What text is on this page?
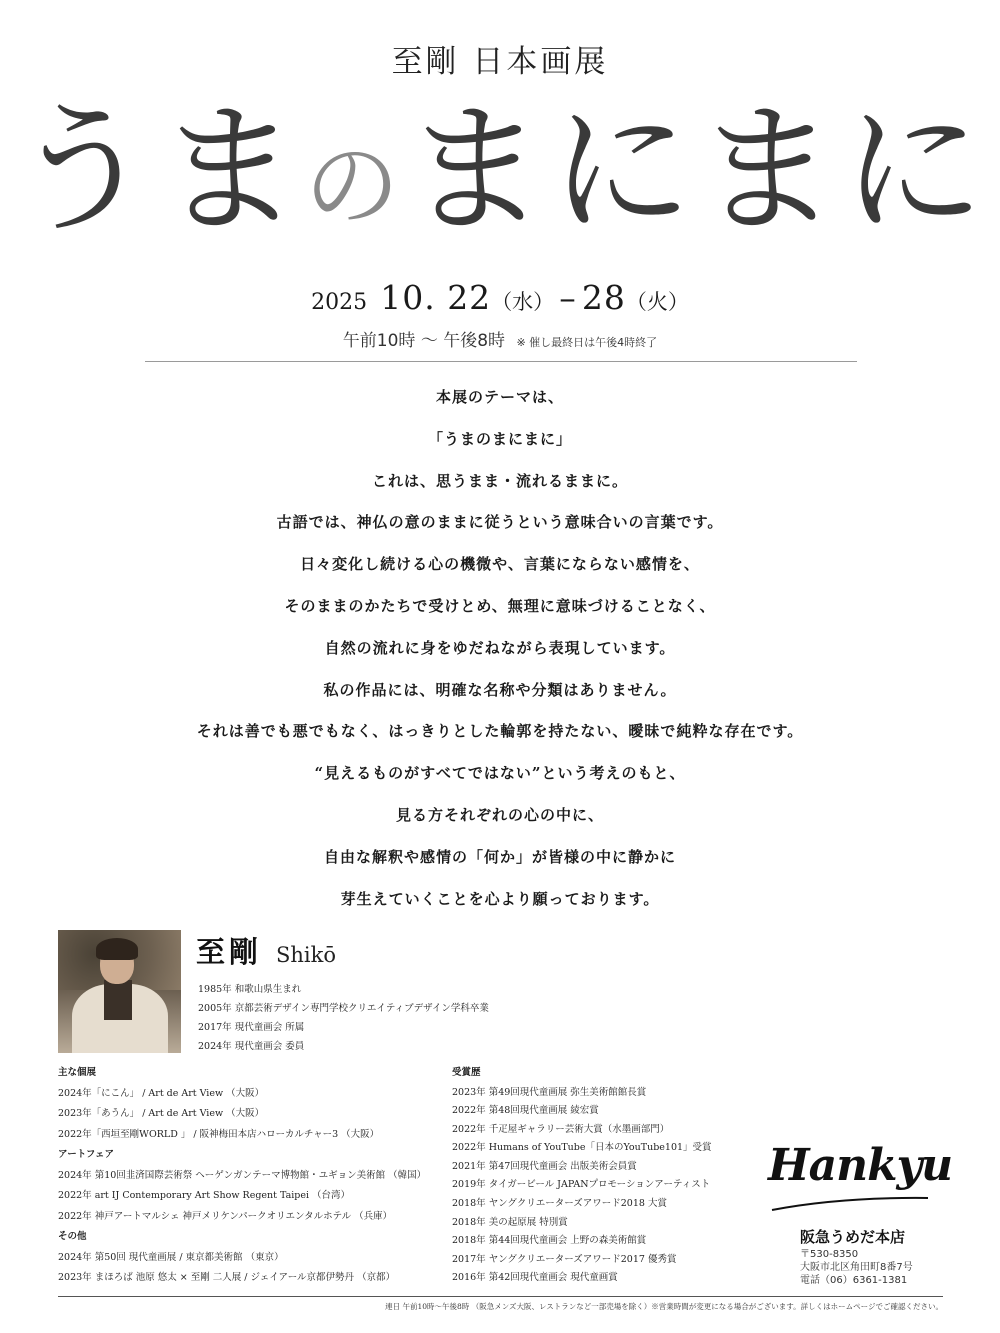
至剛 日本画展
うまのまにまに
2025 10. 22（水） – 28（火）
午前10時 〜 午後8時 ※ 催し最終日は午後4時終了
本展のテーマは、
「うまのまにまに」
これは、思うまま・流れるままに。
古語では、神仏の意のままに従うという意味合いの言葉です。
日々変化し続ける心の機微や、言葉にならない感情を、
そのままのかたちで受けとめ、無理に意味づけることなく、
自然の流れに身をゆだねながら表現しています。
私の作品には、明確な名称や分類はありません。
それは善でも悪でもなく、はっきりとした輪郭を持たない、曖昧で純粋な存在です。
“見えるものがすべてではない”という考えのもと、
見る方それぞれの心の中に、
自由な解釈や感情の「何か」が皆様の中に静かに
芽生えていくことを心より願っております。
至剛 Shikō
1985年 和歌山県生まれ
2005年 京都芸術デザイン専門学校クリエイティブデザイン学科卒業
2017年 現代童画会 所属
2024年 現代童画会 委員
主な個展
2024年「にこん」 / Art de Art View （大阪）
2023年「あうん」 / Art de Art View （大阪）
2022年「西垣至剛WORLD 」 / 阪神梅田本店ハローカルチャー3 （大阪）
アートフェア
2024年 第10回韭済国際芸術祭 ヘーゲンガンテーマ博物館・ユギョン美術館 （韓国）
2022年 art IJ Contemporary Art Show Regent Taipei （台湾）
2022年 神戸アートマルシェ 神戸メリケンパークオリエンタルホテル （兵庫）
その他
2024年 第50回 現代童画展 / 東京都美術館 （東京）
2023年 まほろば 池原 悠太 × 至剛 二人展 / ジェイアール京都伊勢丹 （京都）
受賞歴
2023年 第49回現代童画展 弥生美術館館長賞
2022年 第48回現代童画展 綾宏賞
2022年 千疋屋ギャラリー芸術大賞（水墨画部門）
2022年 Humans of YouTube「日本のYouTube101」受賞
2021年 第47回現代童画会 出版美術会員賞
2019年 タイガービール JAPANプロモーションアーティスト
2018年 ヤングクリエーターズアワード2018 大賞
2018年 美の起原展 特別賞
2018年 第44回現代童画会 上野の森美術館賞
2017年 ヤングクリエーターズアワード2017 優秀賞
2016年 第42回現代童画会 現代童画賞
Hankyu
阪急うめだ本店
〒530-8350
大阪市北区角田町8番7号
電話（06）6361-1381
連日 午前10時〜午後8時 （阪急メンズ大阪、レストランなど一部売場を除く）※営業時間が変更になる場合がございます。詳しくはホームページでご確認ください。
